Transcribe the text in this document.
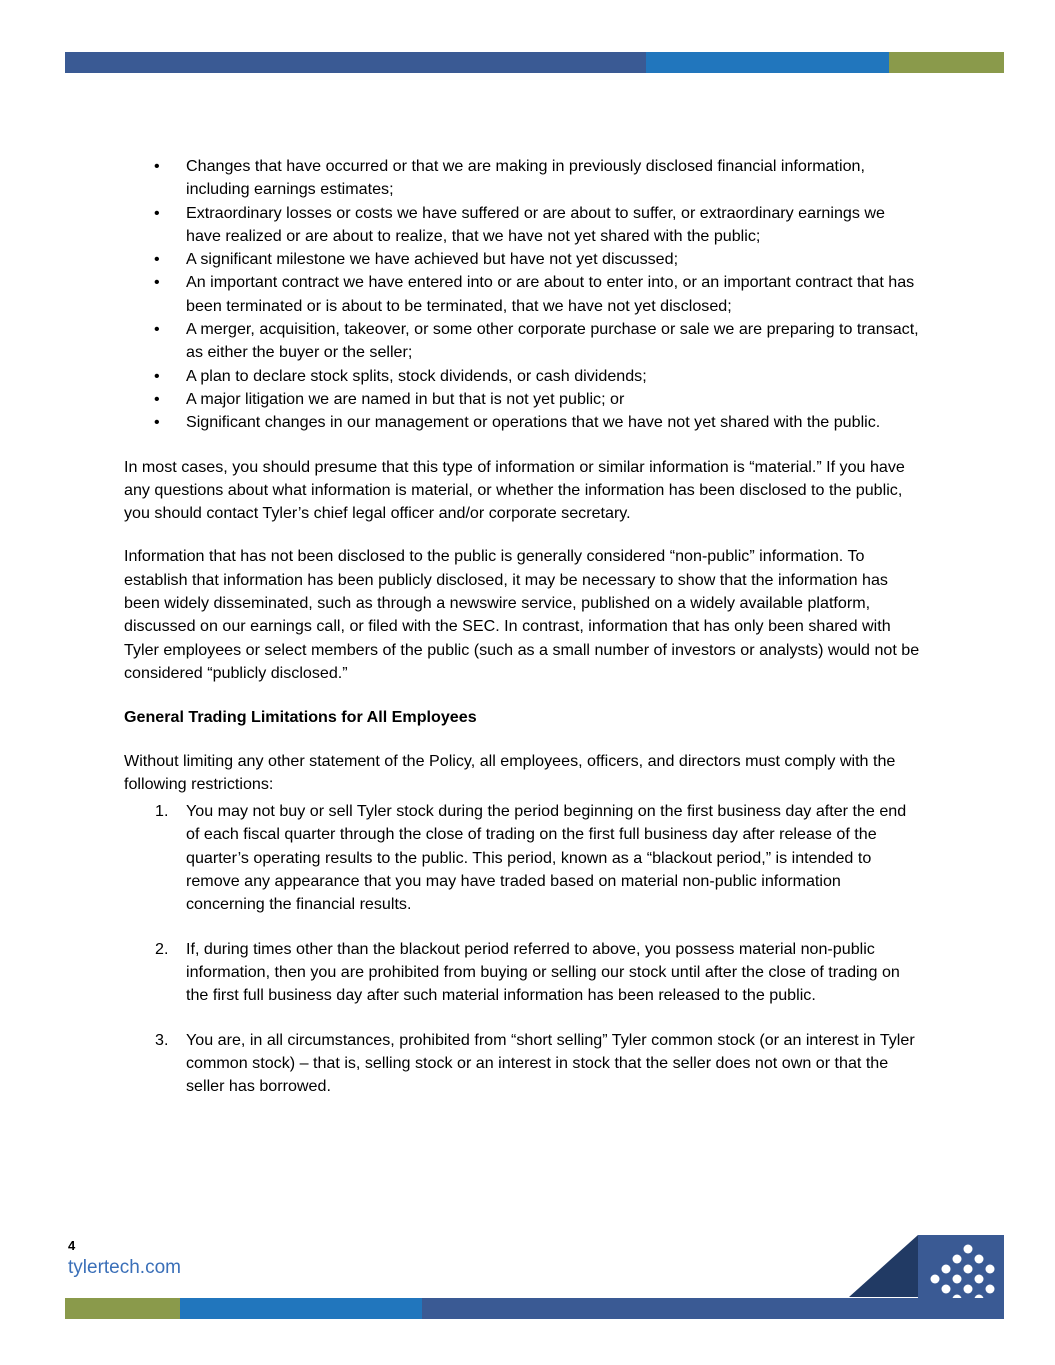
• Changes that have occurred or that we are making in previously disclosed financial information, including earnings estimates;
• Extraordinary losses or costs we have suffered or are about to suffer, or extraordinary earnings we have realized or are about to realize, that we have not yet shared with the public;
• A significant milestone we have achieved but have not yet discussed;
• An important contract we have entered into or are about to enter into, or an important contract that has been terminated or is about to be terminated, that we have not yet disclosed;
• A merger, acquisition, takeover, or some other corporate purchase or sale we are preparing to transact, as either the buyer or the seller;
• A plan to declare stock splits, stock dividends, or cash dividends;
• A major litigation we are named in but that is not yet public; or
• Significant changes in our management or operations that we have not yet shared with the public.

In most cases, you should presume that this type of information or similar information is “material.” If you have any questions about what information is material, or whether the information has been disclosed to the public, you should contact Tyler’s chief legal officer and/or corporate secretary.

Information that has not been disclosed to the public is generally considered “non-public” information. To establish that information has been publicly disclosed, it may be necessary to show that the information has been widely disseminated, such as through a newswire service, published on a widely available platform, discussed on our earnings call, or filed with the SEC. In contrast, information that has only been shared with Tyler employees or select members of the public (such as a small number of investors or analysts) would not be considered “publicly disclosed.”

General Trading Limitations for All Employees

Without limiting any other statement of the Policy, all employees, officers, and directors must comply with the following restrictions:

1. You may not buy or sell Tyler stock during the period beginning on the first business day after the end of each fiscal quarter through the close of trading on the first full business day after release of the quarter’s operating results to the public. This period, known as a “blackout period,” is intended to remove any appearance that you may have traded based on material non-public information concerning the financial results.
2. If, during times other than the blackout period referred to above, you possess material non-public information, then you are prohibited from buying or selling our stock until after the close of trading on the first full business day after such material information has been released to the public.
3. You are, in all circumstances, prohibited from “short selling” Tyler common stock (or an interest in Tyler common stock) – that is, selling stock or an interest in stock that the seller does not own or that the seller has borrowed.
4
tylertech.com
